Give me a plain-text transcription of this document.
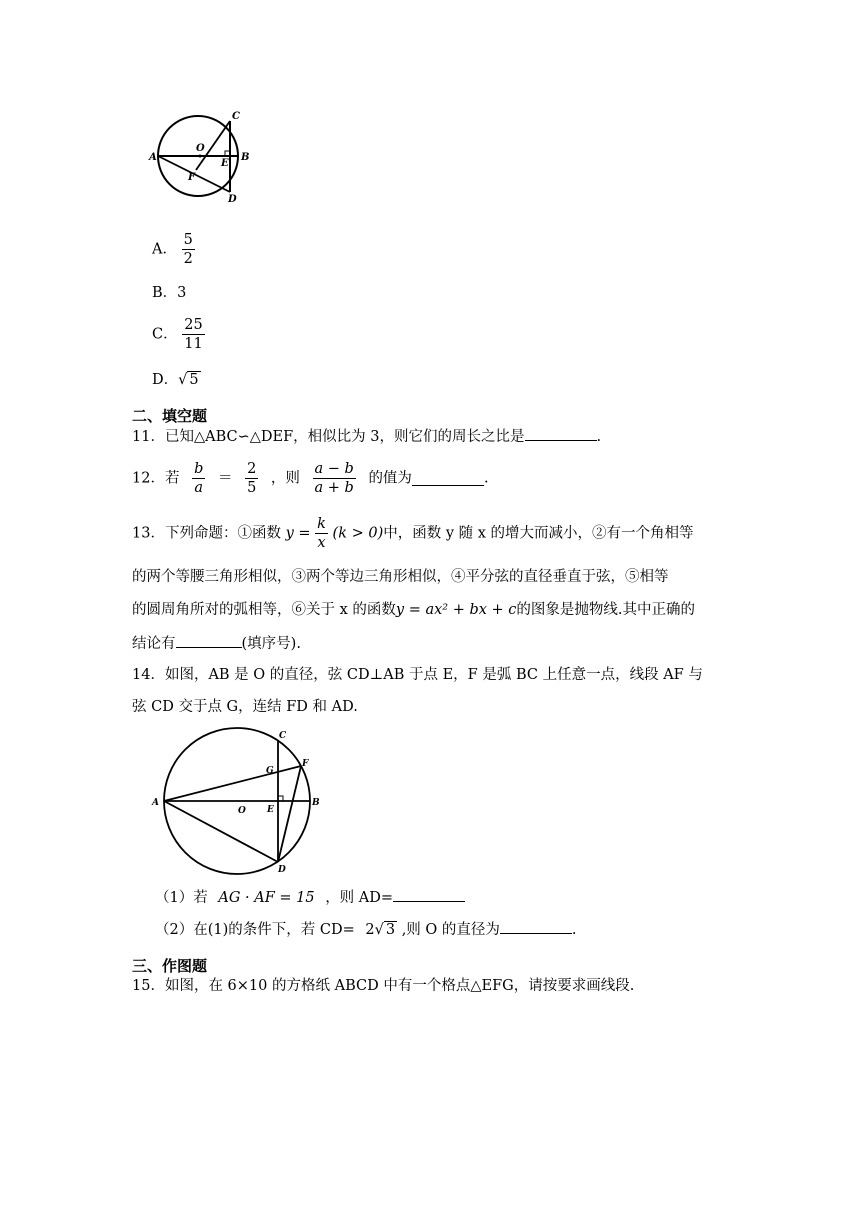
A	B
C
D
O
E
F
A． $\frac{5}{2}$
B．3
C． $\frac{25}{11}$
D．√ 5
二、填空题
11．已知△ABC∽△DEF，相似比为 3，则它们的周长之比是	.
12．若 $\frac{b}{a} = \frac{2}{5}$ ，则 $\frac{a - b}{a + b}$ 的值为	.
13．下列命题：①函数 $y = \frac{k}{x} (k > 0)$中，函数 y 随 x 的增大而减小，②有一个角相等
的两个等腰三角形相似，③两个等边三角形相似，④平分弦的直径垂直于弦，⑤相等
的圆周角所对的弧相等，⑥关于 x 的函数y = ax² + bx + c的图象是抛物线.其中正确的
结论有	(填序号).
14．如图，AB 是 O 的直径，弦 CD⊥AB 于点 E，F 是弧 BC 上任意一点，线段 AF 与
弦 CD 交于点 G，连结 FD 和 AD.
A	B
C
D
F
G
O E
（1）若 AG · AF = 15 ，则 AD=
（2）在(1)的条件下，若 CD= 2√ 3 ,则 O 的直径为	.
三、作图题
15．如图，在 6×10 的方格纸 ABCD 中有一个格点△EFG，请按要求画线段.
